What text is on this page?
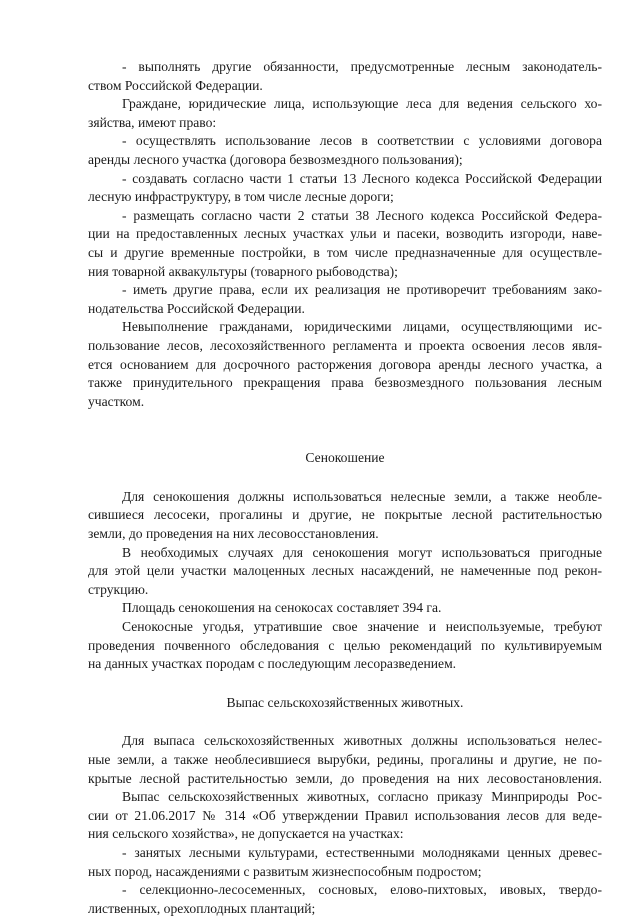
- выполнять другие обязанности, предусмотренные лесным законодатель-
ством Российской Федерации.
Граждане, юридические лица, использующие леса для ведения сельского хо-
зяйства, имеют право:
- осуществлять использование лесов в соответствии с условиями договора
аренды лесного участка (договора безвозмездного пользования);
- создавать согласно части 1 статьи 13 Лесного кодекса Российской Федерации
лесную инфраструктуру, в том числе лесные дороги;
- размещать согласно части 2 статьи 38 Лесного кодекса Российской Федера-
ции на предоставленных лесных участках ульи и пасеки, возводить изгороди, наве-
сы и другие временные постройки, в том числе предназначенные для осуществле-
ния товарной аквакультуры (товарного рыбоводства);
- иметь другие права, если их реализация не противоречит требованиям зако-
нодательства Российской Федерации.
Невыполнение гражданами, юридическими лицами, осуществляющими ис-
пользование лесов, лесохозяйственного регламента и проекта освоения лесов явля-
ется основанием для досрочного расторжения договора аренды лесного участка, а
также принудительного прекращения права безвозмездного пользования лесным
участком.
Сенокошение
Для сенокошения должны использоваться нелесные земли, а также необле-
сившиеся лесосеки, прогалины и другие, не покрытые лесной растительностью
земли, до проведения на них лесовосстановления.
В необходимых случаях для сенокошения могут использоваться пригодные
для этой цели участки малоценных лесных насаждений, не намеченные под рекон-
струкцию.
Площадь сенокошения на сенокосах составляет 394 га.
Сенокосные угодья, утратившие свое значение и неиспользуемые, требуют
проведения почвенного обследования с целью рекомендаций по культивируемым
на данных участках породам с последующим лесоразведением.
Выпас сельскохозяйственных животных.
Для выпаса сельскохозяйственных животных должны использоваться нелес-
ные земли, а также необлесившиеся вырубки, редины, прогалины и другие, не по-
крытые лесной растительностью земли, до проведения на них лесовостановления.
Выпас сельскохозяйственных животных, согласно приказу Минприроды Рос-
сии от 21.06.2017 № 314 «Об утверждении Правил использования лесов для веде-
ния сельского хозяйства», не допускается на участках:
- занятых лесными культурами, естественными молодняками ценных древес-
ных пород, насаждениями с развитым жизнеспособным подростом;
- селекционно-лесосеменных, сосновых, елово-пихтовых, ивовых, твердо-
лиственных, орехоплодных плантаций;
